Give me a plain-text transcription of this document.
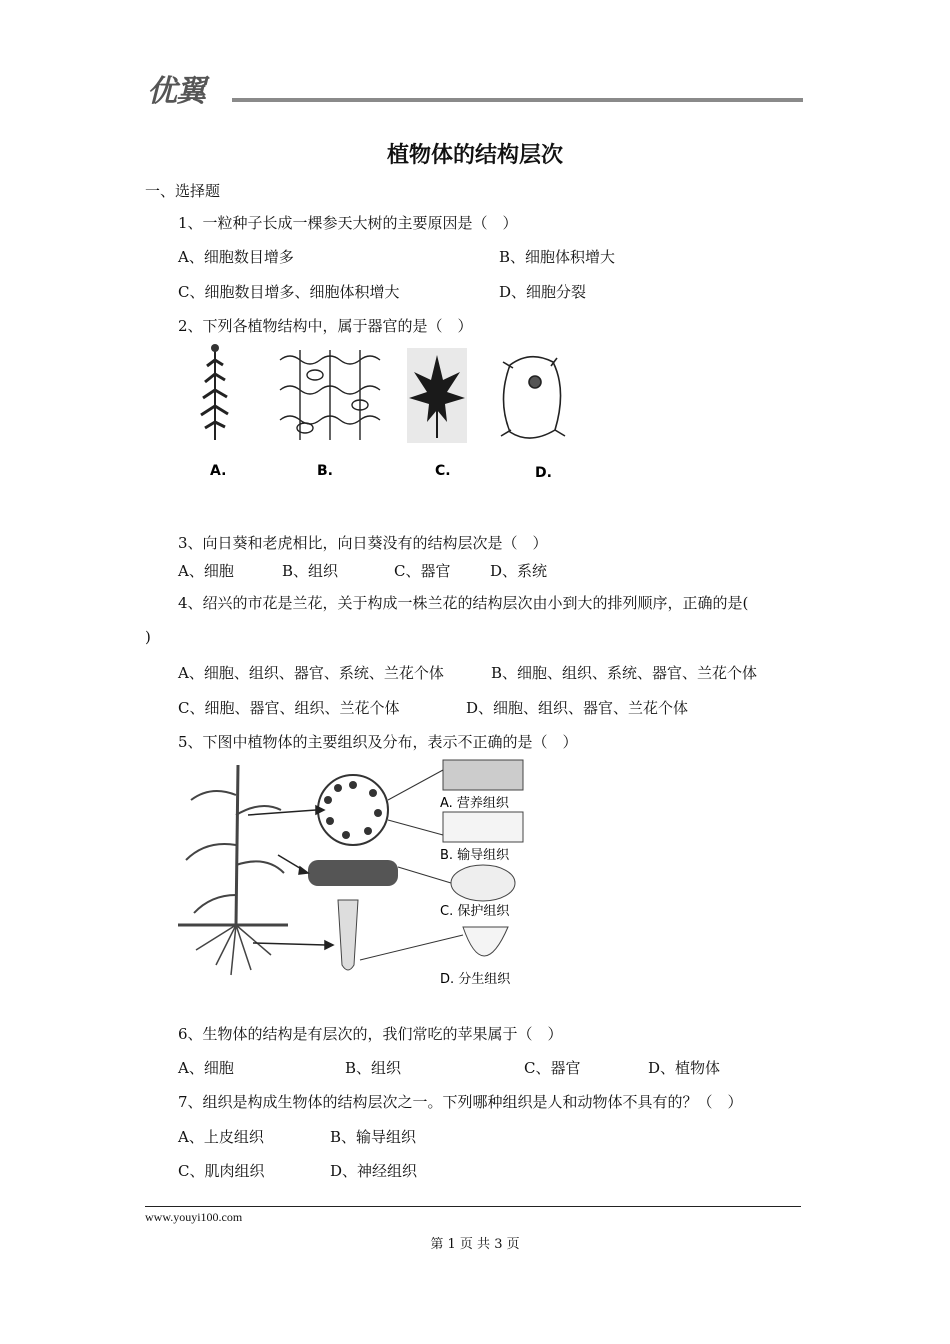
优翼
植物体的结构层次
一、选择题
1、一粒种子长成一棵参天大树的主要原因是（　）
A、细胞数目增多	B、细胞体积增大
C、细胞数目增多、细胞体积增大	D、细胞分裂
2、下列各植物结构中，属于器官的是（　）
A.	B.	C.	D.
3、向日葵和老虎相比，向日葵没有的结构层次是（　）
A、细胞	B、组织	C、器官	D、系统
4、绍兴的市花是兰花，关于构成一株兰花的结构层次由小到大的排列顺序，正确的是(
)
A、细胞、组织、器官、系统、兰花个体	B、细胞、组织、系统、器官、兰花个体
C、细胞、器官、组织、兰花个体	D、细胞、组织、器官、兰花个体
5、下图中植物体的主要组织及分布，表示不正确的是（　）
A. 营养组织
B. 输导组织
C. 保护组织
D. 分生组织
6、生物体的结构是有层次的，我们常吃的苹果属于（　）
A、细胞	B、组织	C、器官	D、植物体
7、组织是构成生物体的结构层次之一。下列哪种组织是人和动物体不具有的？（　）
A、上皮组织	B、输导组织
C、肌肉组织	D、神经组织
www.youyi100.com
第 1 页 共 3 页
